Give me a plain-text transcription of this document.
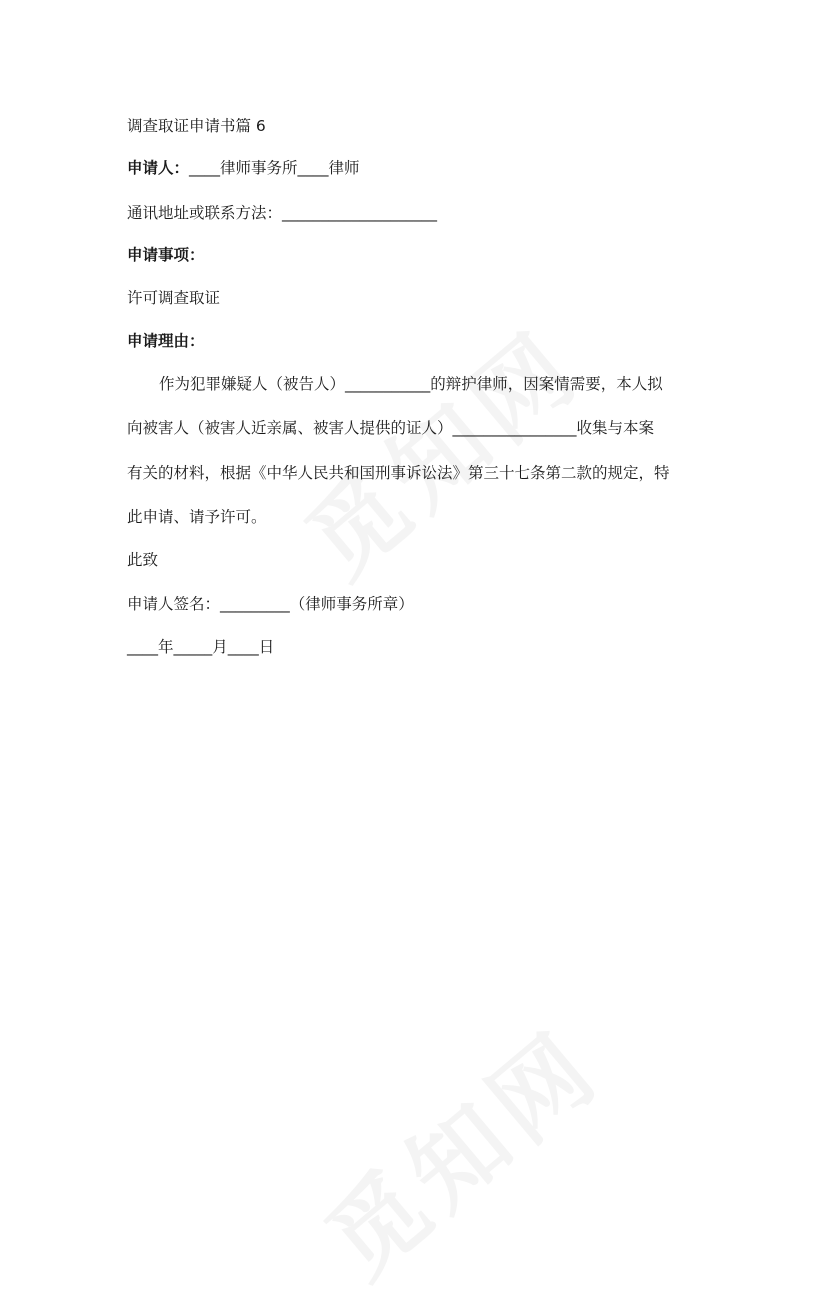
调查取证申请书篇 6
申请人：____律师事务所____律师
通讯地址或联系方法：____________________
申请事项：
许可调查取证
申请理由：
作为犯罪嫌疑人（被告人）___________的辩护律师，因案情需要，本人拟
向被害人（被害人近亲属、被害人提供的证人）________________收集与本案
有关的材料，根据《中华人民共和国刑事诉讼法》第三十七条第二款的规定，特
此申请、请予许可。
此致
申请人签名：_________（律师事务所章）
____年_____月____日
